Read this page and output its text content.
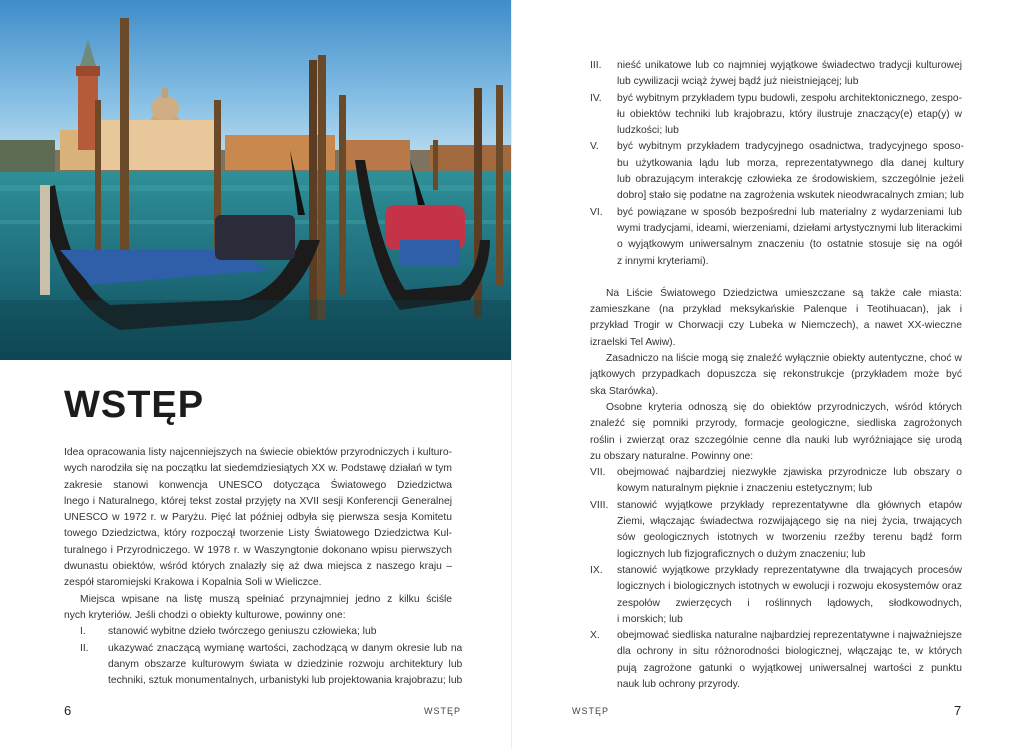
WSTĘP
Idea opracowania listy najcenniejszych na świecie obiektów przyrodniczych i kulturo-
wych narodziła się na początku lat siedemdziesiątych XX w. Podstawę działań w tym
zakresie stanowi konwencja UNESCO dotycząca Światowego Dziedzictwa
lnego i Naturalnego, której tekst został przyjęty na XVII sesji Konferencji Generalnej
UNESCO w 1972 r. w Paryżu. Pięć lat później odbyła się pierwsza sesja Komitetu
towego Dziedzictwa, który rozpoczął tworzenie Listy Światowego Dziedzictwa Kul-
turalnego i Przyrodniczego. W 1978 r. w Waszyngtonie dokonano wpisu pierwszych
dwunastu obiektów, wśród których znalazły się aż dwa miejsca z naszego kraju –
zespół staromiejski Krakowa i Kopalnia Soli w Wieliczce.
Miejsca wpisane na listę muszą spełniać przynajmniej jedno z kilku ściśle
nych kryteriów. Jeśli chodzi o obiekty kulturowe, powinny one:
I.	stanowić wybitne dzieło twórczego geniuszu człowieka; lub
II.	ukazywać znaczącą wymianę wartości, zachodzącą w danym okresie lub na
danym obszarze kulturowym świata w dziedzinie rozwoju architektury lub
techniki, sztuk monumentalnych, urbanistyki lub projektowania krajobrazu; lub
6	WSTĘP	WSTĘP	7
III.	nieść unikatowe lub co najmniej wyjątkowe świadectwo tradycji kulturowej
lub cywilizacji wciąż żywej bądź już nieistniejącej; lub
IV.	być wybitnym przykładem typu budowli, zespołu architektonicznego, zespo-
łu obiektów techniki lub krajobrazu, który ilustruje znaczący(e) etap(y) w
ludzkości; lub
V.	być wybitnym przykładem tradycyjnego osadnictwa, tradycyjnego sposo-
bu użytkowania lądu lub morza, reprezentatywnego dla danej kultury
lub obrazującym interakcję człowieka ze środowiskiem, szczególnie jeżeli
dobro] stało się podatne na zagrożenia wskutek nieodwracalnych zmian; lub
VI.	być powiązane w sposób bezpośredni lub materialny z wydarzeniami lub
wymi tradycjami, ideami, wierzeniami, dziełami artystycznymi lub literackimi
o wyjątkowym uniwersalnym znaczeniu (to ostatnie stosuje się na ogół
z innymi kryteriami).
Na Liście Światowego Dziedzictwa umieszczane są także całe miasta:
zamieszkane (na przykład meksykańskie Palenque i Teotihuacan), jak i
przykład Trogir w Chorwacji czy Lubeka w Niemczech), a nawet XX-wieczne
izraelski Tel Awiw).
Zasadniczo na liście mogą się znaleźć wyłącznie obiekty autentyczne, choć w
jątkowych przypadkach dopuszcza się rekonstrukcje (przykładem może być
ska Starówka).
Osobne kryteria odnoszą się do obiektów przyrodniczych, wśród których
znaleźć się pomniki przyrody, formacje geologiczne, siedliska zagrożonych
roślin i zwierząt oraz szczególnie cenne dla nauki lub wyróżniające się urodą
zu obszary naturalne. Powinny one:
VII.	obejmować najbardziej niezwykłe zjawiska przyrodnicze lub obszary o
kowym naturalnym pięknie i znaczeniu estetycznym; lub
VIII. stanowić wyjątkowe przykłady reprezentatywne dla głównych etapów
Ziemi, włączając świadectwa rozwijającego się na niej życia, trwających
sów geologicznych istotnych w tworzeniu rzeźby terenu bądź form
logicznych lub fizjograficznych o dużym znaczeniu; lub
IX.	stanowić wyjątkowe przykłady reprezentatywne dla trwających procesów
logicznych i biologicznych istotnych w ewolucji i rozwoju ekosystemów oraz
zespołów zwierzęcych i roślinnych lądowych, słodkowodnych,
i morskich; lub
X.	obejmować siedliska naturalne najbardziej reprezentatywne i najważniejsze
dla ochrony in situ różnorodności biologicznej, włączając te, w których
pują zagrożone gatunki o wyjątkowej uniwersalnej wartości z punktu
nauk lub ochrony przyrody.
